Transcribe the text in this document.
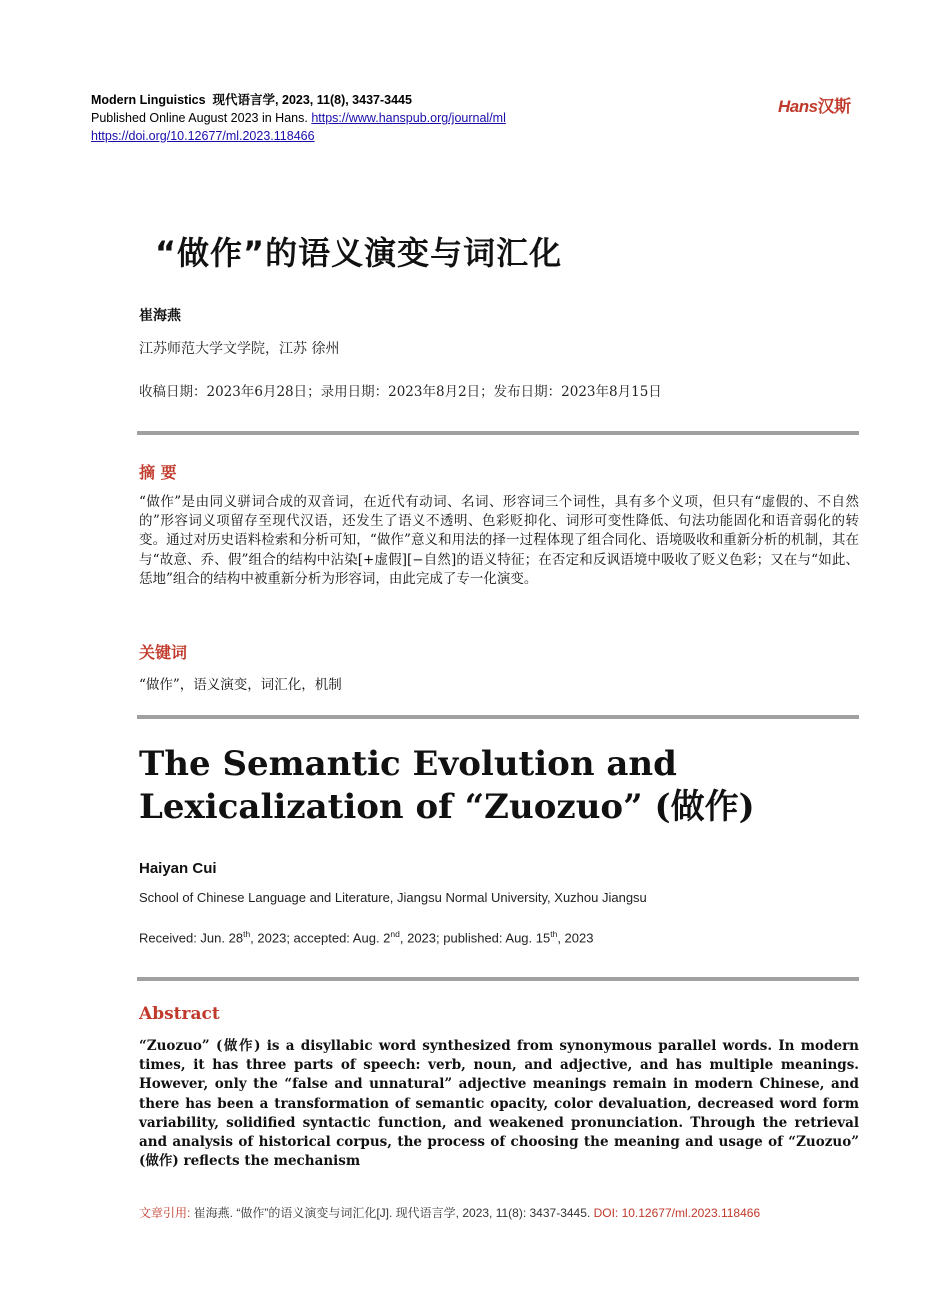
Modern Linguistics 现代语言学, 2023, 11(8), 3437-3445
Published Online August 2023 in Hans. https://www.hanspub.org/journal/ml
https://doi.org/10.12677/ml.2023.118466
Hans汉斯
“做作”的语义演变与词汇化
崔海燕
江苏师范大学文学院，江苏 徐州
收稿日期：2023年6月28日；录用日期：2023年8月2日；发布日期：2023年8月15日
摘 要
“做作”是由同义骈词合成的双音词，在近代有动词、名词、形容词三个词性，具有多个义项，但只有“虚假的、不自然的”形容词义项留存至现代汉语，还发生了语义不透明、色彩贬抑化、词形可变性降低、句法功能固化和语音弱化的转变。通过对历史语料检索和分析可知，“做作”意义和用法的择一过程体现了组合同化、语境吸收和重新分析的机制，其在与“故意、乔、假”组合的结构中沾染[+虚假][−自然]的语义特征；在否定和反讽语境中吸收了贬义色彩；又在与“如此、恁地”组合的结构中被重新分析为形容词，由此完成了专一化演变。
关键词
“做作”，语义演变，词汇化，机制
The Semantic Evolution and Lexicalization of “Zuozuo” (做作)
Haiyan Cui
School of Chinese Language and Literature, Jiangsu Normal University, Xuzhou Jiangsu
Received: Jun. 28th, 2023; accepted: Aug. 2nd, 2023; published: Aug. 15th, 2023
Abstract
“Zuozuo” (做作) is a disyllabic word synthesized from synonymous parallel words. In modern times, it has three parts of speech: verb, noun, and adjective, and has multiple meanings. However, only the “false and unnatural” adjective meanings remain in modern Chinese, and there has been a transformation of semantic opacity, color devaluation, decreased word form variability, solidified syntactic function, and weakened pronunciation. Through the retrieval and analysis of historical corpus, the process of choosing the meaning and usage of “Zuozuo” (做作) reflects the mechanism
文章引用: 崔海燕. “做作”的语义演变与词汇化[J]. 现代语言学, 2023, 11(8): 3437-3445. DOI: 10.12677/ml.2023.118466
